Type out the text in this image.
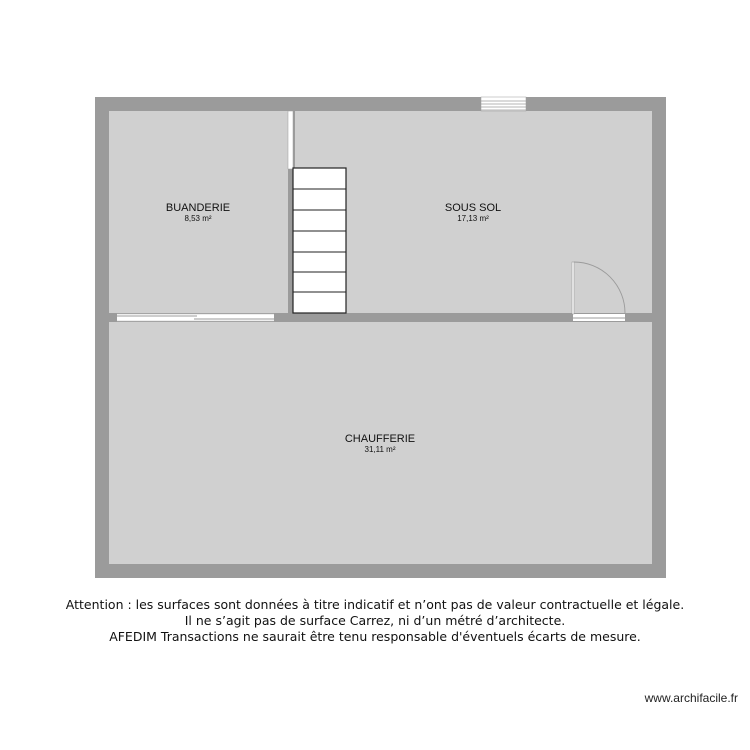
BUANDERIE
8,53 m²
SOUS SOL
17,13 m²
CHAUFFERIE
31,11 m²
Attention : les surfaces sont données à titre indicatif et n’ont pas de valeur contractuelle et légale.
Il ne s’agit pas de surface Carrez, ni d’un métré d’architecte.
AFEDIM Transactions ne saurait être tenu responsable d'éventuels écarts de mesure.
www.archifacile.fr
